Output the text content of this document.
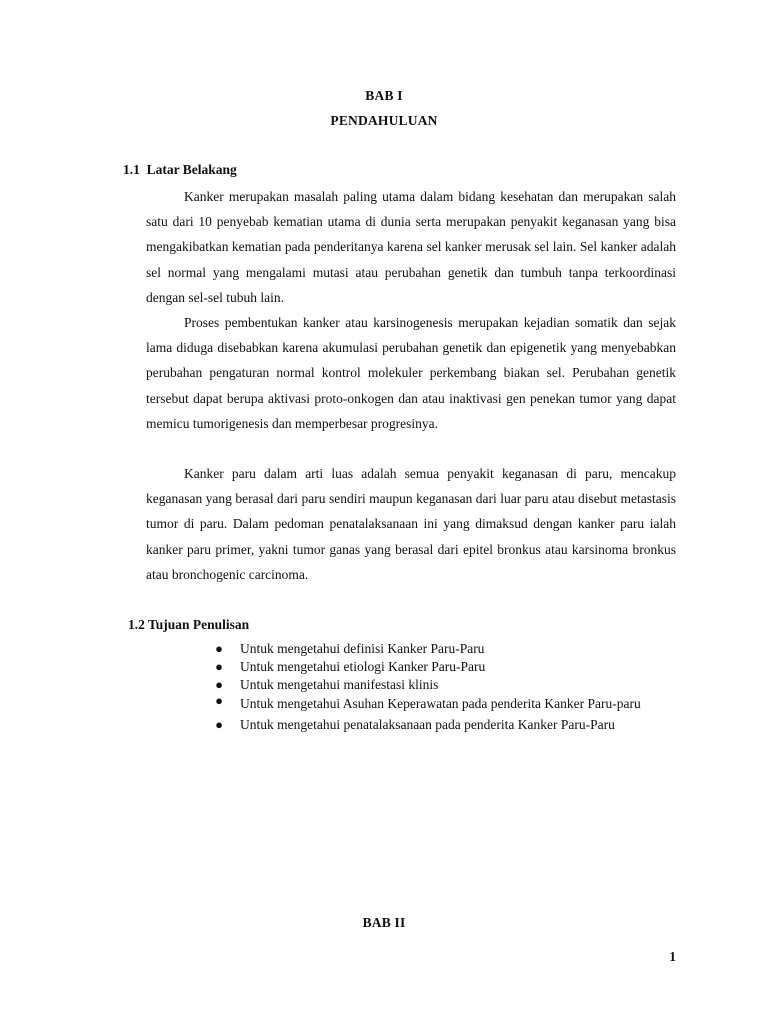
BAB I
PENDAHULUAN
1.1 Latar Belakang

Kanker merupakan masalah paling utama dalam bidang kesehatan dan merupakan salah satu dari 10 penyebab kematian utama di dunia serta merupakan penyakit keganasan yang bisa mengakibatkan kematian pada penderitanya karena sel kanker merusak sel lain. Sel kanker adalah sel normal yang mengalami mutasi atau perubahan genetik dan tumbuh tanpa terkoordinasi dengan sel-sel tubuh lain.

Proses pembentukan kanker atau karsinogenesis merupakan kejadian somatik dan sejak lama diduga disebabkan karena akumulasi perubahan genetik dan epigenetik yang menyebabkan perubahan pengaturan normal kontrol molekuler perkembang biakan sel. Perubahan genetik tersebut dapat berupa aktivasi proto-onkogen dan atau inaktivasi gen penekan tumor yang dapat memicu tumorigenesis dan memperbesar progresinya.

Kanker paru dalam arti luas adalah semua penyakit keganasan di paru, mencakup keganasan yang berasal dari paru sendiri maupun keganasan dari luar paru atau disebut metastasis tumor di paru. Dalam pedoman penatalaksanaan ini yang dimaksud dengan kanker paru ialah kanker paru primer, yakni tumor ganas yang berasal dari epitel bronkus atau karsinoma bronkus atau bronchogenic carcinoma.

1.2 Tujuan Penulisan
● Untuk mengetahui definisi Kanker Paru-Paru
● Untuk mengetahui etiologi Kanker Paru-Paru
● Untuk mengetahui manifestasi klinis
● Untuk mengetahui Asuhan Keperawatan pada penderita Kanker Paru-paru
● Untuk mengetahui penatalaksanaan pada penderita Kanker Paru-Paru
BAB II
1
